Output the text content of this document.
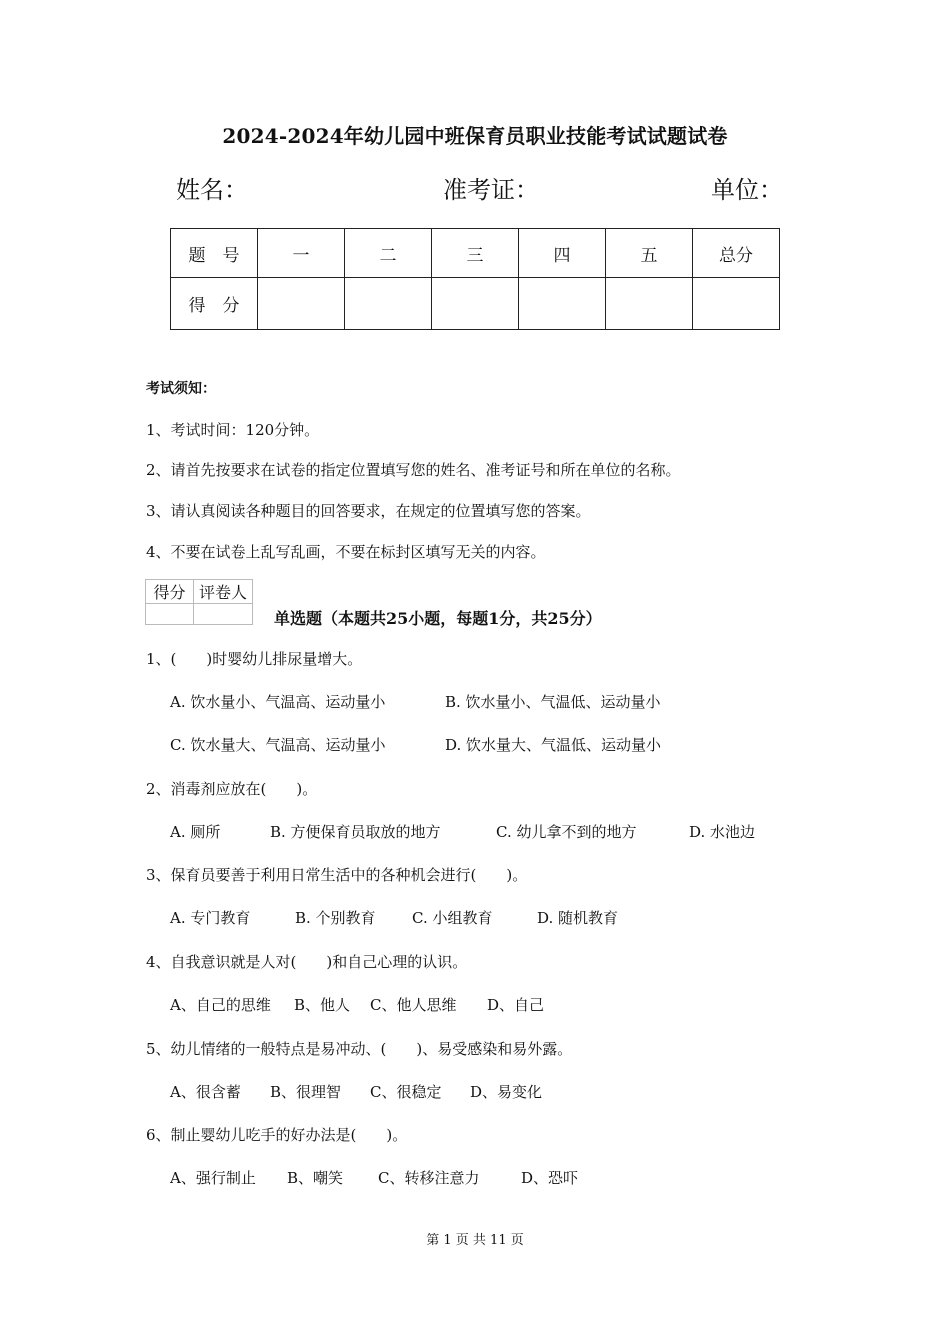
2024-2024年幼儿园中班保育员职业技能考试试题试卷
姓名：	准考证：	单位：
题　号	一	二	三	四	五	总分
得　分						
考试须知：
1、考试时间：120分钟。
2、请首先按要求在试卷的指定位置填写您的姓名、准考证号和所在单位的名称。
3、请认真阅读各种题目的回答要求，在规定的位置填写您的答案。
4、不要在试卷上乱写乱画，不要在标封区填写无关的内容。
得分	评卷人

单选题（本题共25小题，每题1分，共25分）
1、(　　)时婴幼儿排尿量增大。
A. 饮水量小、气温高、运动量小	B. 饮水量小、气温低、运动量小
C. 饮水量大、气温高、运动量小	D. 饮水量大、气温低、运动量小
2、消毒剂应放在(　　)。
A. 厕所	B. 方便保育员取放的地方	C. 幼儿拿不到的地方	D. 水池边
3、保育员要善于利用日常生活中的各种机会进行(　　)。
A. 专门教育	B. 个别教育 C. 小组教育	D. 随机教育
4、自我意识就是人对(　　)和自己心理的认识。
A、自己的思维 B、他人 C、他人思维 D、自己
5、幼儿情绪的一般特点是易冲动、(　　)、易受感染和易外露。
A、很含蓄 B、很理智 C、很稳定 D、易变化
6、制止婴幼儿吃手的好办法是(　　)。
A、强行制止 B、嘲笑 C、转移注意力	D、恐吓
第 1 页 共 11 页
